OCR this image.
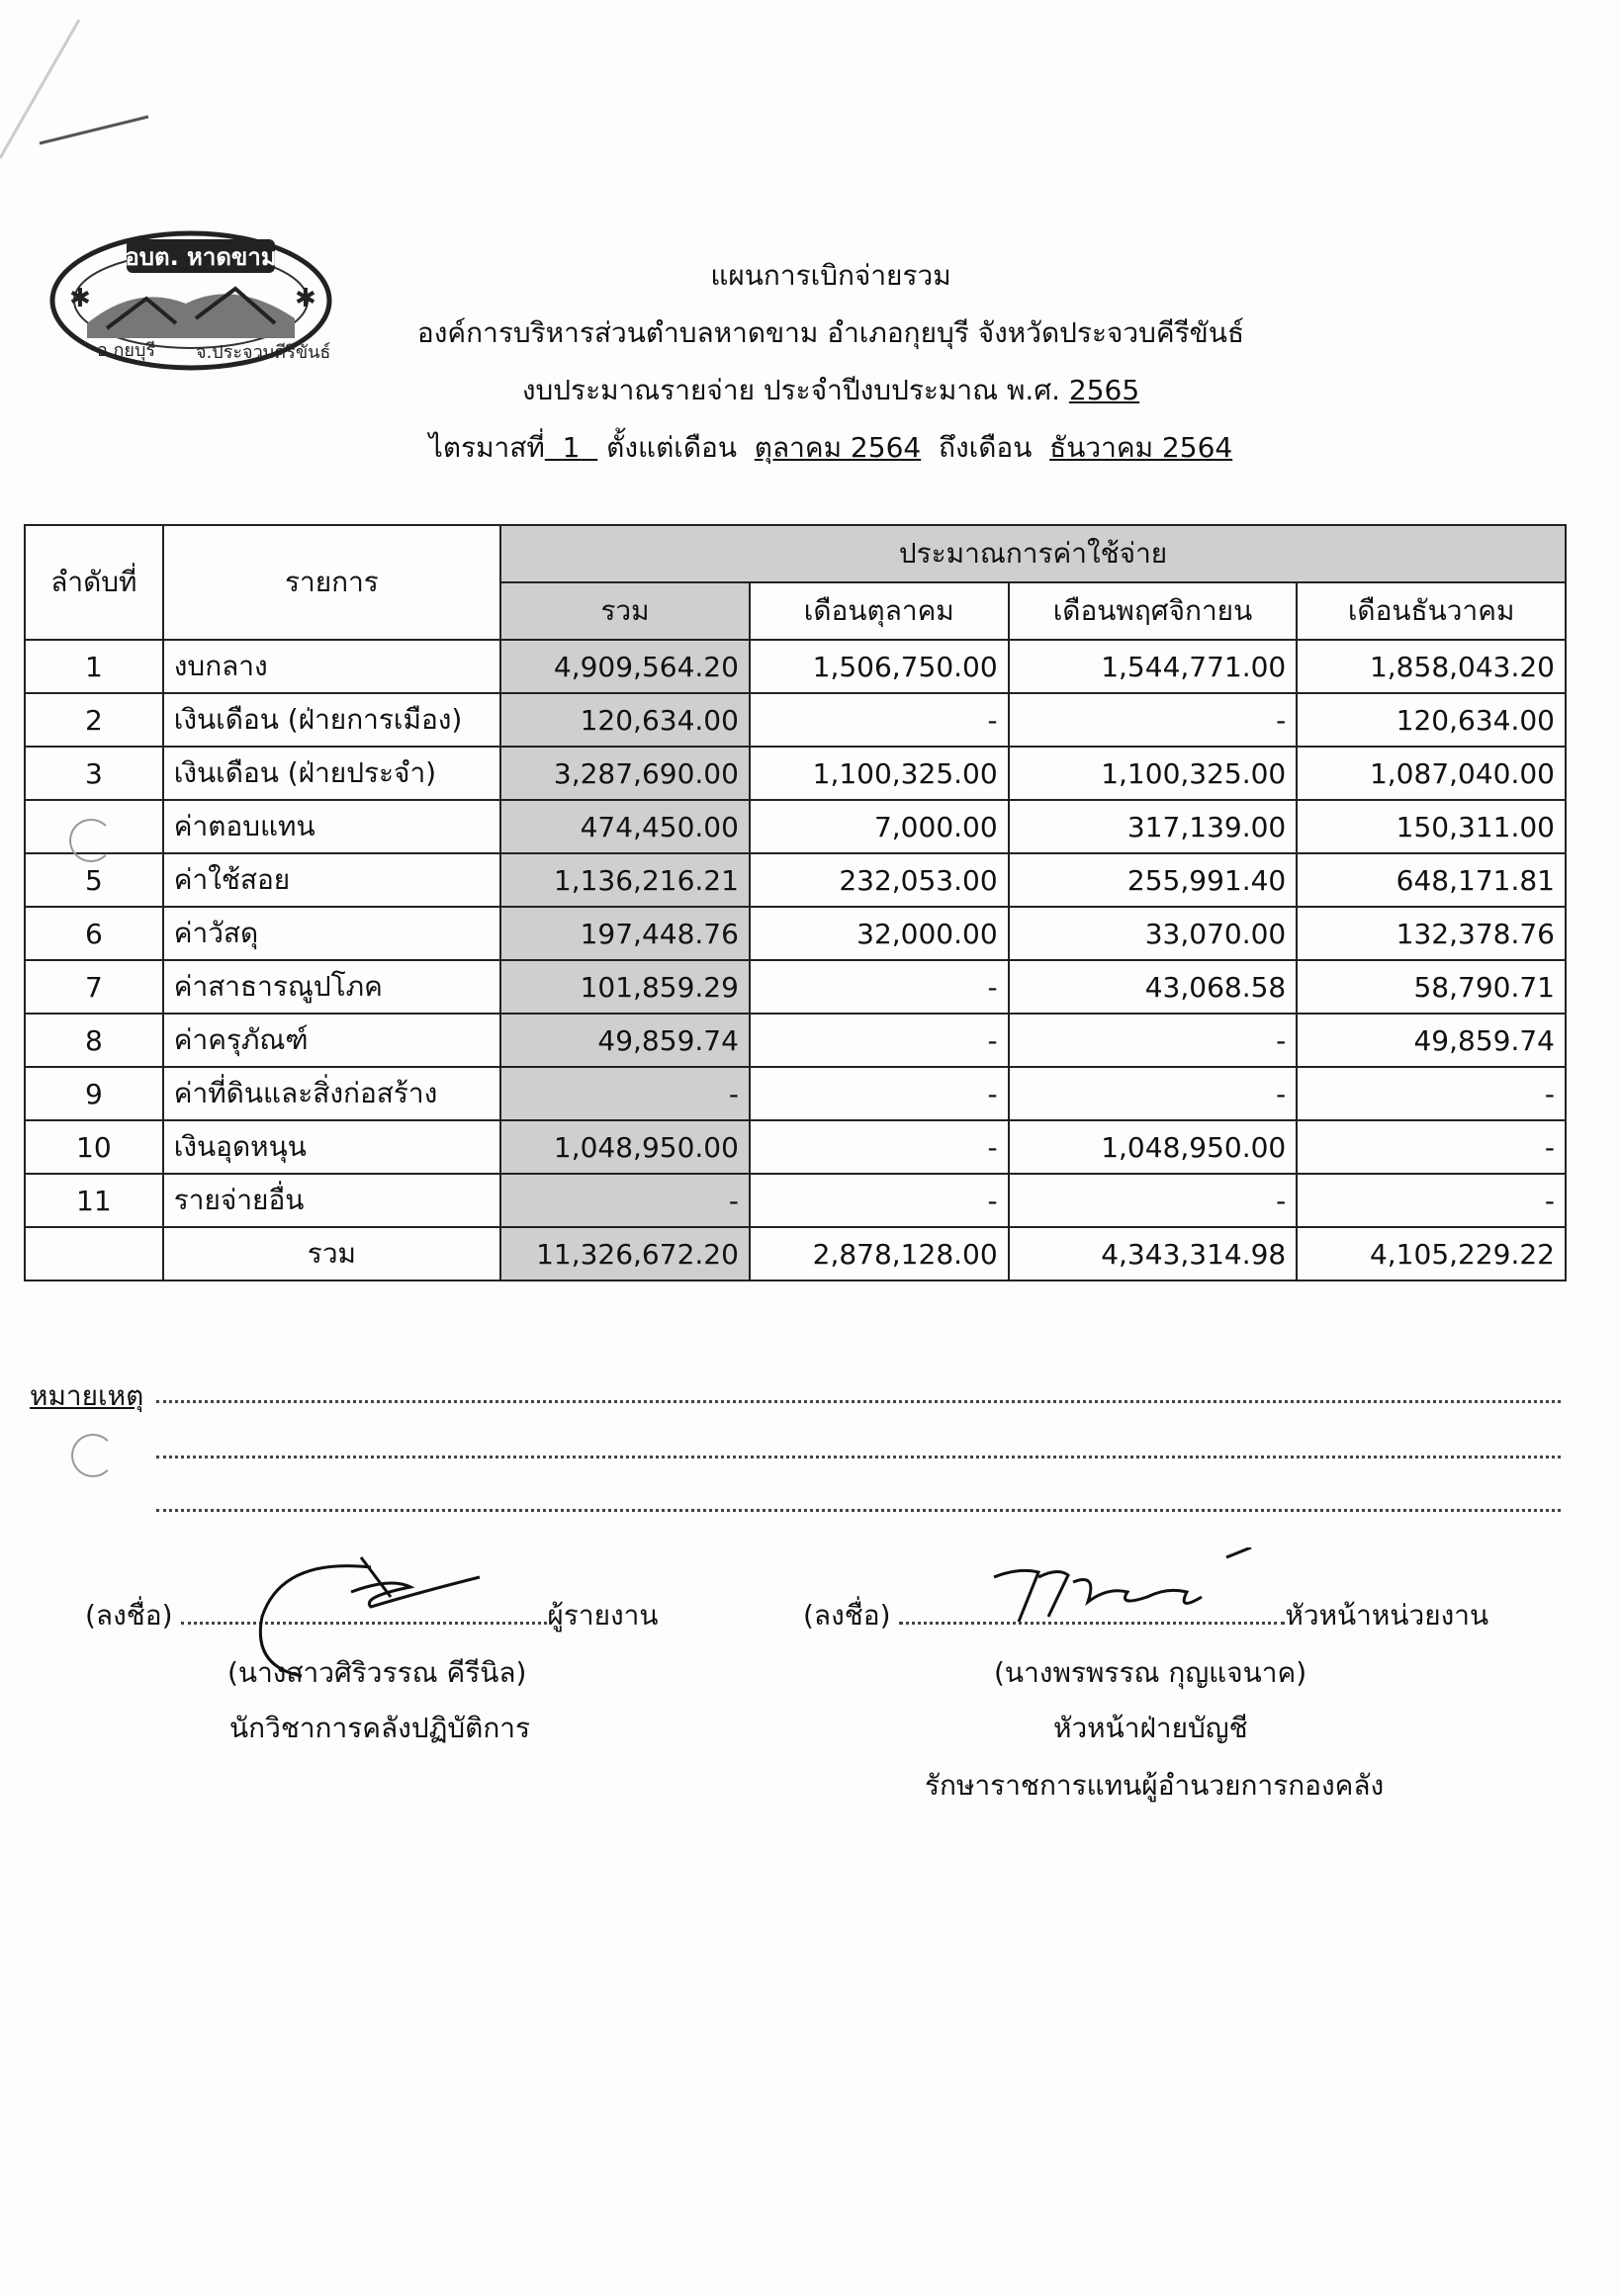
อบต. หาดขาม
อ.กุยบุรี จ.ประจวบคีรีขันธ์
✱	✱
แผนการเบิกจ่ายรวม
องค์การบริหารส่วนตำบลหาดขาม อำเภอกุยบุรี จังหวัดประจวบคีรีขันธ์
งบประมาณรายจ่าย ประจำปีงบประมาณ พ.ศ. 2565
ไตรมาสที่ 1 ตั้งแต่เดือน ตุลาคม 2564 ถึงเดือน ธันวาคม 2564
ลำดับที่	รายการ	ประมาณการค่าใช้จ่าย			
		รวม	เดือนตุลาคม	เดือนพฤศจิกายน	เดือนธันวาคม
1	งบกลาง	4,909,564.20	1,506,750.00	1,544,771.00	1,858,043.20
2	เงินเดือน (ฝ่ายการเมือง)	120,634.00	-	-	120,634.00
3	เงินเดือน (ฝ่ายประจำ)	3,287,690.00	1,100,325.00	1,100,325.00	1,087,040.00
	ค่าตอบแทน	474,450.00	7,000.00	317,139.00	150,311.00
5	ค่าใช้สอย	1,136,216.21	232,053.00	255,991.40	648,171.81
6	ค่าวัสดุ	197,448.76	32,000.00	33,070.00	132,378.76
7	ค่าสาธารณูปโภค	101,859.29	-	43,068.58	58,790.71
8	ค่าครุภัณฑ์	49,859.74	-	-	49,859.74
9	ค่าที่ดินและสิ่งก่อสร้าง	-	-	-	-
10	เงินอุดหนุน	1,048,950.00	-	1,048,950.00	-
11	รายจ่ายอื่น	-	-	-	-
	รวม	11,326,672.20	2,878,128.00	4,343,314.98	4,105,229.22
หมายเหตุ
(ลงชื่อ)	ผู้รายงาน
(นางสาวศิริวรรณ คีรีนิล)
นักวิชาการคลังปฏิบัติการ
(ลงชื่อ)	หัวหน้าหน่วยงาน
(นางพรพรรณ กุญแจนาค)
หัวหน้าฝ่ายบัญชี
รักษาราชการแทนผู้อำนวยการกองคลัง
